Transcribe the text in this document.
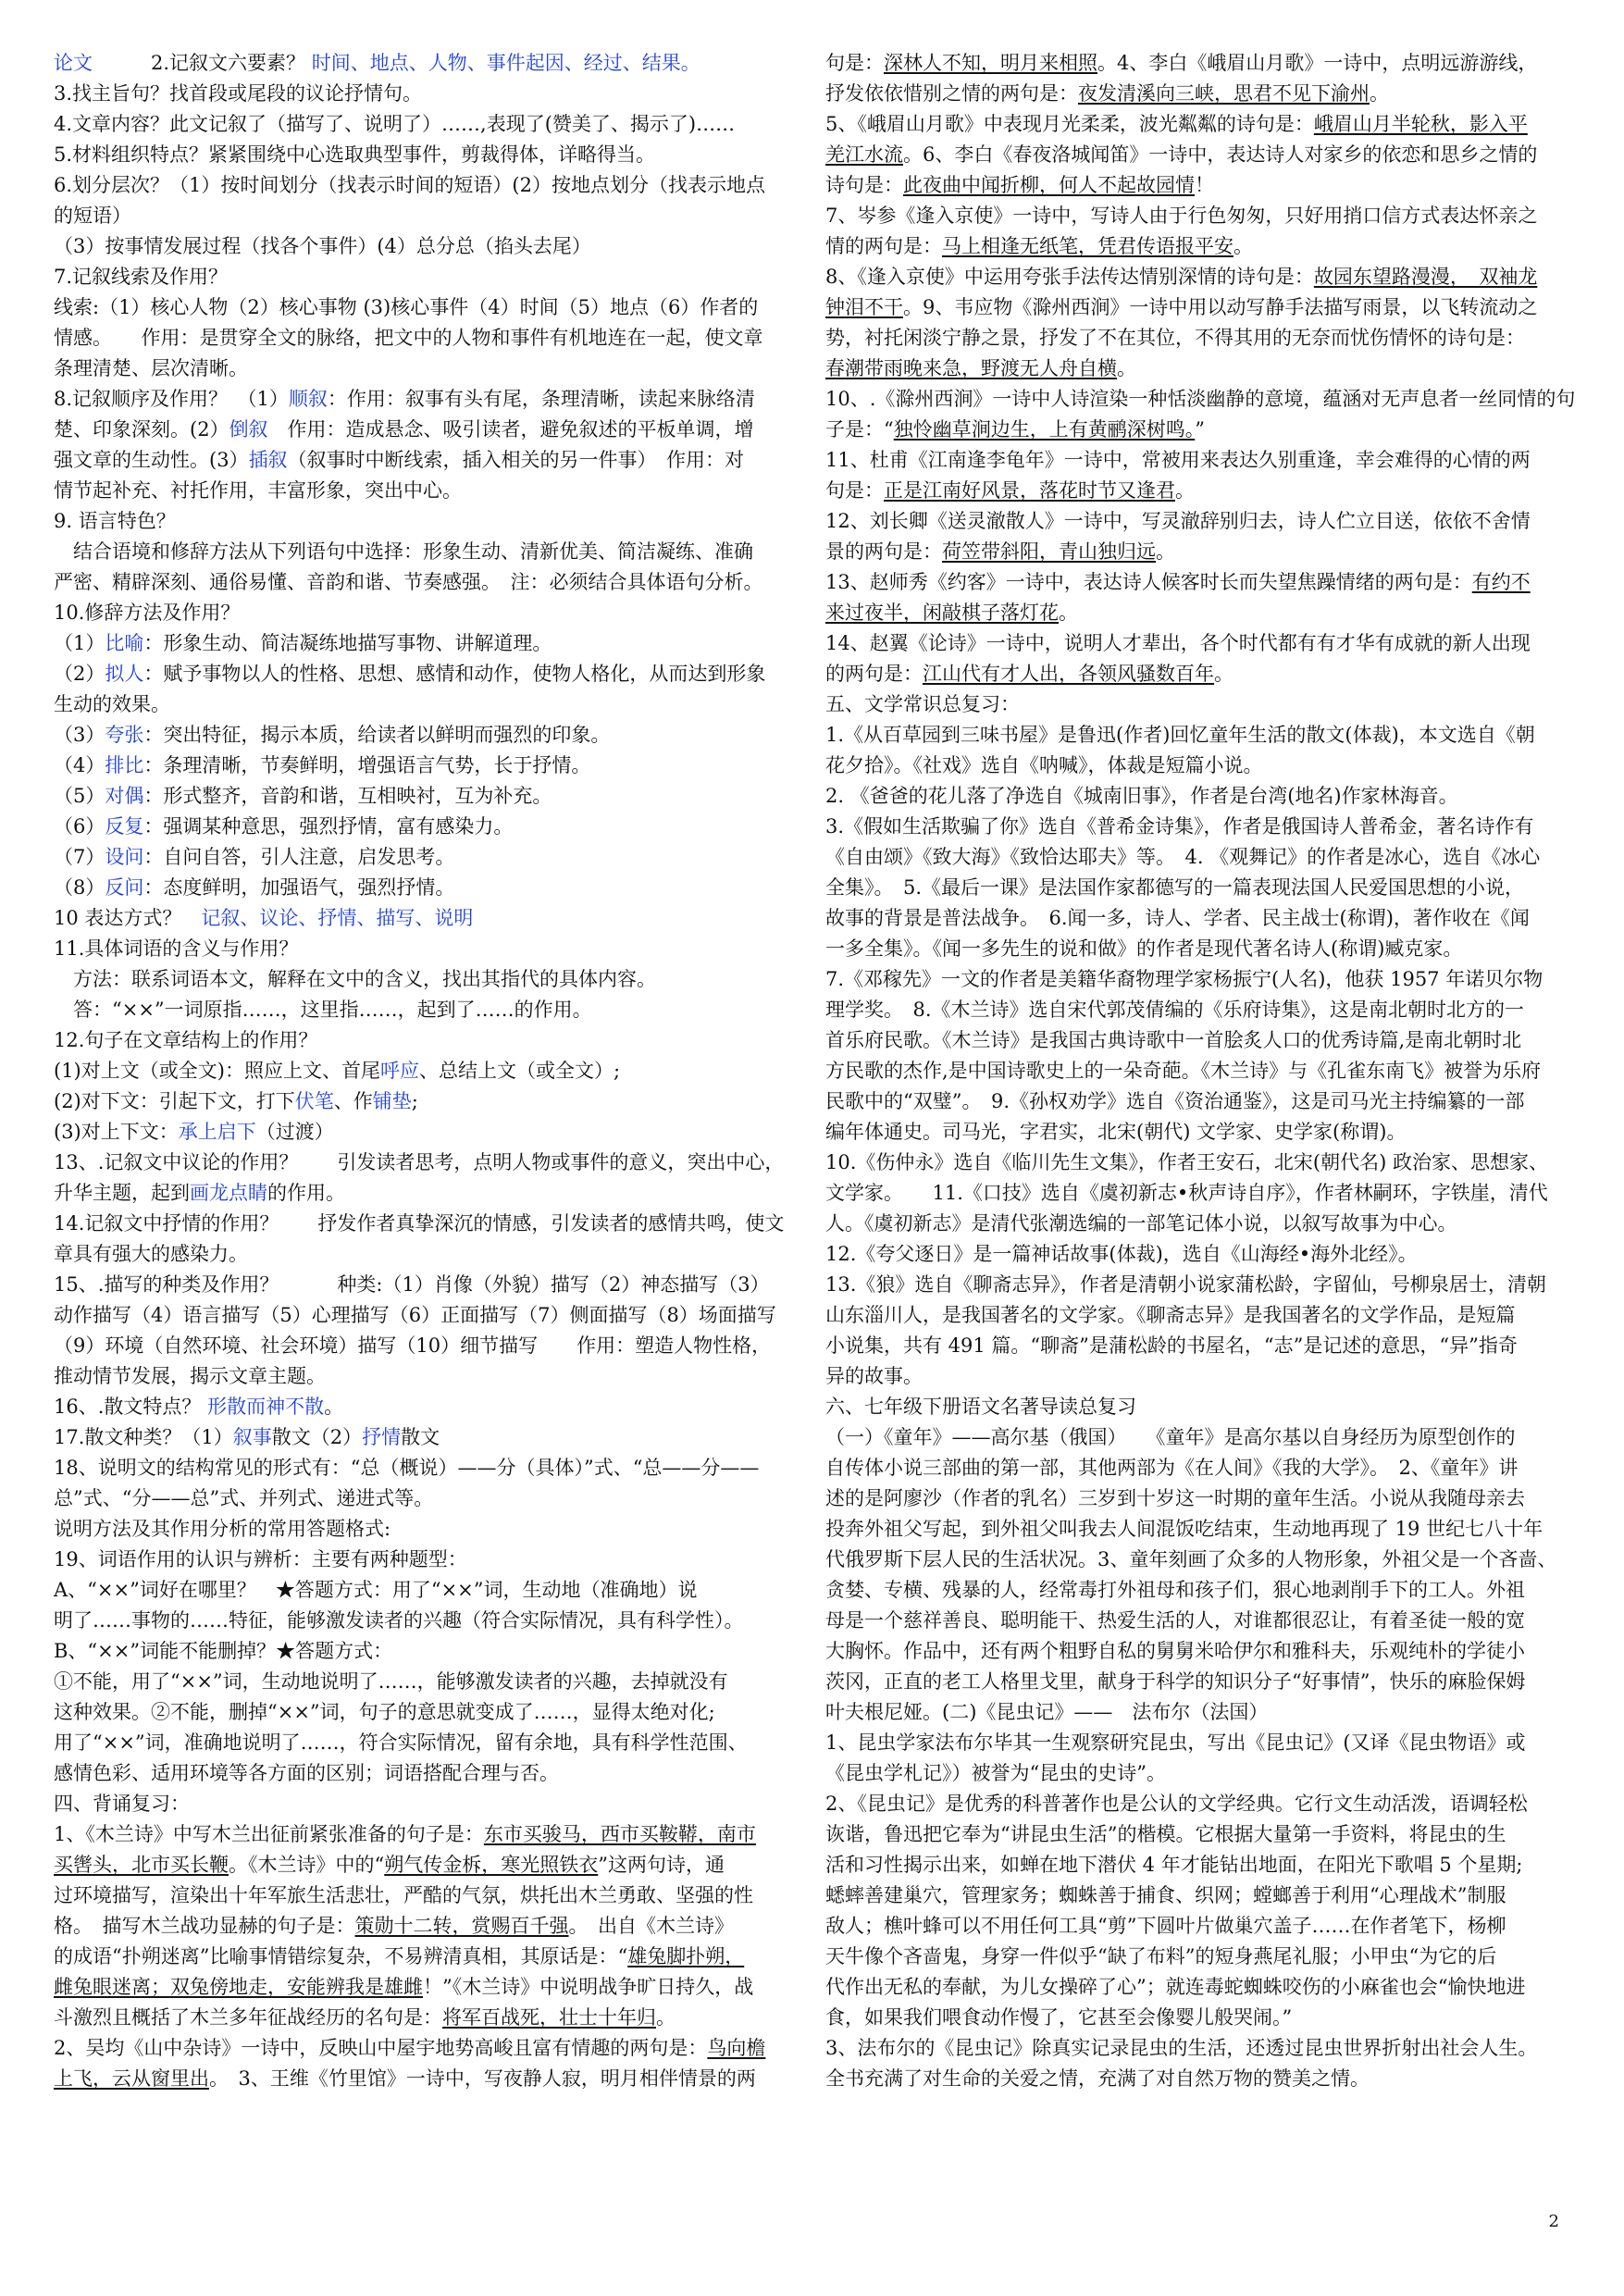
论文　　　2.记叙文六要素？ 时间、地点、人物、事件起因、经过、结果。
3.找主旨句？找首段或尾段的议论抒情句。
4.文章内容？此文记叙了（描写了、说明了）……,表现了(赞美了、揭示了)……
5.材料组织特点？紧紧围绕中心选取典型事件，剪裁得体，详略得当。
6.划分层次？（1）按时间划分（找表示时间的短语）(2）按地点划分（找表示地点
的短语）
（3）按事情发展过程（找各个事件）(4）总分总（掐头去尾）
7.记叙线索及作用？
线索:（1）核心人物（2）核心事物 (3)核心事件（4）时间（5）地点（6）作者的
情感。　　作用：是贯穿全文的脉络，把文中的人物和事件有机地连在一起，使文章
条理清楚、层次清晰。
8.记叙顺序及作用？　（1）顺叙：作用：叙事有头有尾，条理清晰，读起来脉络清
楚、印象深刻。(2）倒叙　作用：造成悬念、吸引读者，避免叙述的平板单调，增
强文章的生动性。(3）插叙（叙事时中断线索，插入相关的另一件事）　作用：对
情节起补充、衬托作用，丰富形象，突出中心。
9. 语言特色？
　结合语境和修辞方法从下列语句中选择：形象生动、清新优美、简洁凝练、准确
严密、精辟深刻、通俗易懂、音韵和谐、节奏感强。　注：必须结合具体语句分析。
10.修辞方法及作用？
（1）比喻：形象生动、简洁凝练地描写事物、讲解道理。
（2）拟人：赋予事物以人的性格、思想、感情和动作，使物人格化，从而达到形象
生动的效果。
（3）夸张：突出特征，揭示本质，给读者以鲜明而强烈的印象。
（4）排比：条理清晰，节奏鲜明，增强语言气势，长于抒情。
（5）对偶：形式整齐，音韵和谐，互相映衬，互为补充。
（6）反复：强调某种意思，强烈抒情，富有感染力。
（7）设问：自问自答，引人注意，启发思考。
（8）反问：态度鲜明，加强语气，强烈抒情。
10 表达方式？　记叙、议论、抒情、描写、说明
11.具体词语的含义与作用？
　方法：联系词语本文，解释在文中的含义，找出其指代的具体内容。
　答：“××”一词原指……，这里指……，起到了……的作用。
12.句子在文章结构上的作用？
(1)对上文（或全文)：照应上文、首尾呼应、总结上文（或全文）;
(2)对下文：引起下文，打下伏笔、作铺垫;
(3)对上下文：承上启下（过渡）
13、.记叙文中议论的作用？　　引发读者思考，点明人物或事件的意义，突出中心，
升华主题，起到画龙点睛的作用。
14.记叙文中抒情的作用？　　抒发作者真挚深沉的情感，引发读者的感情共鸣，使文
章具有强大的感染力。
15、.描写的种类及作用？　　　种类:（1）肖像（外貌）描写（2）神态描写（3）
动作描写（4）语言描写（5）心理描写（6）正面描写（7）侧面描写（8）场面描写
（9）环境（自然环境、社会环境）描写（10）细节描写　　作用：塑造人物性格，
推动情节发展，揭示文章主题。
16、.散文特点？ 形散而神不散。
17.散文种类？（1）叙事散文（2）抒情散文
18、说明文的结构常见的形式有：“总（概说）——分（具体）”式、“总——分——
总”式、“分——总”式、并列式、递进式等。
说明方法及其作用分析的常用答题格式:
19、词语作用的认识与辨析：主要有两种题型：
A、“××”词好在哪里？　★答题方式：用了“××”词，生动地（准确地）说
明了……事物的……特征，能够激发读者的兴趣（符合实际情况，具有科学性）。
B、“××”词能不能删掉？★答题方式：
①不能，用了“××”词，生动地说明了……，能够激发读者的兴趣，去掉就没有
这种效果。②不能，删掉“××”词，句子的意思就变成了……，显得太绝对化;
用了“××”词，准确地说明了……，符合实际情况，留有余地，具有科学性范围、
感情色彩、适用环境等各方面的区别；词语搭配合理与否。
四、背诵复习：
1、《木兰诗》中写木兰出征前紧张准备的句子是：东市买骏马，西市买鞍鞯，南市
买辔头，北市买长鞭。《木兰诗》中的“朔气传金柝，寒光照铁衣”这两句诗，通
过环境描写，渲染出十年军旅生活悲壮，严酷的气氛，烘托出木兰勇敢、坚强的性
格。　描写木兰战功显赫的句子是：策勋十二转，赏赐百千强。　出自《木兰诗》
的成语“扑朔迷离”比喻事情错综复杂，不易辨清真相，其原话是：“雄兔脚扑朔，
雌兔眼迷离；双兔傍地走，安能辨我是雄雌！”《木兰诗》中说明战争旷日持久，战
斗激烈且概括了木兰多年征战经历的名句是：将军百战死，壮士十年归。
2、吴均《山中杂诗》一诗中，反映山中屋宇地势高峻且富有情趣的两句是：鸟向檐
上飞，云从窗里出。　3、王维《竹里馆》一诗中，写夜静人寂，明月相伴情景的两
句是：深林人不知，明月来相照。4、李白《峨眉山月歌》一诗中，点明远游游线，
抒发依依惜别之情的两句是：夜发清溪向三峡，思君不见下渝州。
5、《峨眉山月歌》中表现月光柔柔，波光粼粼的诗句是：峨眉山月半轮秋，影入平
羌江水流。6、李白《春夜洛城闻笛》一诗中，表达诗人对家乡的依恋和思乡之情的
诗句是：此夜曲中闻折柳，何人不起故园情！
7、岑参《逢入京使》一诗中，写诗人由于行色匆匆，只好用捎口信方式表达怀亲之
情的两句是：马上相逢无纸笔，凭君传语报平安。
8、《逢入京使》中运用夸张手法传达情别深情的诗句是：故园东望路漫漫，　双袖龙
钟泪不干。9、韦应物《滁州西涧》一诗中用以动写静手法描写雨景，以飞转流动之
势，衬托闲淡宁静之景，抒发了不在其位，不得其用的无奈而忧伤情怀的诗句是：
春潮带雨晚来急，野渡无人舟自横。
10、.《滁州西涧》一诗中人诗渲染一种恬淡幽静的意境，蕴涵对无声息者一丝同情的句
子是：“独怜幽草涧边生，上有黄鹂深树鸣。”
11、杜甫《江南逢李龟年》一诗中，常被用来表达久别重逢，幸会难得的心情的两
句是：正是江南好风景，落花时节又逢君。
12、刘长卿《送灵澈散人》一诗中，写灵澈辞别归去，诗人伫立目送，依依不舍情
景的两句是：荷笠带斜阳，青山独归远。
13、赵师秀《约客》一诗中，表达诗人候客时长而失望焦躁情绪的两句是：有约不
来过夜半，闲敲棋子落灯花。
14、赵翼《论诗》一诗中，说明人才辈出，各个时代都有有才华有成就的新人出现
的两句是：江山代有才人出，各领风骚数百年。
五、文学常识总复习：
1.《从百草园到三味书屋》是鲁迅(作者)回忆童年生活的散文(体裁)，本文选自《朝
花夕拾》。《社戏》选自《呐喊》，体裁是短篇小说。
2. 《爸爸的花儿落了净选自《城南旧事》，作者是台湾(地名)作家林海音。
3.《假如生活欺骗了你》选自《普希金诗集》，作者是俄国诗人普希金，著名诗作有
《自由颂》《致大海》《致恰达耶夫》等。　4. 《观舞记》的作者是冰心，选自《冰心
全集》。　5.《最后一课》是法国作家都德写的一篇表现法国人民爱国思想的小说，
故事的背景是普法战争。　6.闻一多，诗人、学者、民主战士(称谓)，著作收在《闻
一多全集》。《闻一多先生的说和做》的作者是现代著名诗人(称谓)臧克家。
7.《邓稼先》一文的作者是美籍华裔物理学家杨振宁(人名)，他获 1957 年诺贝尔物
理学奖。　8.《木兰诗》选自宋代郭茂倩编的《乐府诗集》，这是南北朝时北方的一
首乐府民歌。《木兰诗》是我国古典诗歌中一首脍炙人口的优秀诗篇,是南北朝时北
方民歌的杰作,是中国诗歌史上的一朵奇葩。《木兰诗》与《孔雀东南飞》被誉为乐府
民歌中的“双璧”。　9.《孙权劝学》选自《资治通鉴》，这是司马光主持编纂的一部
编年体通史。司马光，字君实，北宋(朝代) 文学家、史学家(称谓)。
10.《伤仲永》选自《临川先生文集》，作者王安石，北宋(朝代名) 政治家、思想家、
文学家。　　11.《口技》选自《虞初新志•秋声诗自序》，作者林嗣环，字铁崖，清代
人。《虞初新志》是清代张潮选编的一部笔记体小说，以叙写故事为中心。
12.《夸父逐日》是一篇神话故事(体裁)，选自《山海经•海外北经》。
13.《狼》选自《聊斋志异》，作者是清朝小说家蒲松龄，字留仙，号柳泉居士，清朝
山东淄川人，是我国著名的文学家。《聊斋志异》是我国著名的文学作品，是短篇
小说集，共有 491 篇。“聊斋”是蒲松龄的书屋名，“志”是记述的意思，“异”指奇
异的故事。
六、七年级下册语文名著导读总复习
（一）《童年》——高尔基（俄国）　　《童年》是高尔基以自身经历为原型创作的
自传体小说三部曲的第一部，其他两部为《在人间》《我的大学》。　2、《童年》讲
述的是阿廖沙（作者的乳名）三岁到十岁这一时期的童年生活。小说从我随母亲去
投奔外祖父写起，到外祖父叫我去人间混饭吃结束，生动地再现了 19 世纪七八十年
代俄罗斯下层人民的生活状况。3、童年刻画了众多的人物形象，外祖父是一个吝啬、
贪婪、专横、残暴的人，经常毒打外祖母和孩子们，狠心地剥削手下的工人。外祖
母是一个慈祥善良、聪明能干、热爱生活的人，对谁都很忍让，有着圣徒一般的宽
大胸怀。作品中，还有两个粗野自私的舅舅米哈伊尔和雅科夫，乐观纯朴的学徒小
茨冈，正直的老工人格里戈里，献身于科学的知识分子“好事情”，快乐的麻脸保姆
叶夫根尼娅。(二)《昆虫记》——　法布尔（法国）
1、昆虫学家法布尔毕其一生观察研究昆虫，写出《昆虫记》(又译《昆虫物语》或
《昆虫学札记》）被誉为“昆虫的史诗”。
2、《昆虫记》是优秀的科普著作也是公认的文学经典。它行文生动活泼，语调轻松
诙谐，鲁迅把它奉为“讲昆虫生活”的楷模。它根据大量第一手资料，将昆虫的生
活和习性揭示出来，如蝉在地下潜伏 4 年才能钻出地面，在阳光下歌唱 5 个星期;
蟋蟀善建巢穴，管理家务；蜘蛛善于捕食、织网；螳螂善于利用“心理战术”制服
敌人；樵叶蜂可以不用任何工具“剪”下圆叶片做巢穴盖子……在作者笔下，杨柳
天牛像个吝啬鬼，身穿一件似乎“缺了布料”的短身燕尾礼服；小甲虫“为它的后
代作出无私的奉献，为儿女操碎了心”；就连毒蛇蜘蛛咬伤的小麻雀也会“愉快地进
食，如果我们喂食动作慢了，它甚至会像婴儿般哭闹。”
3、法布尔的《昆虫记》除真实记录昆虫的生活，还透过昆虫世界折射出社会人生。
全书充满了对生命的关爱之情，充满了对自然万物的赞美之情。
2
